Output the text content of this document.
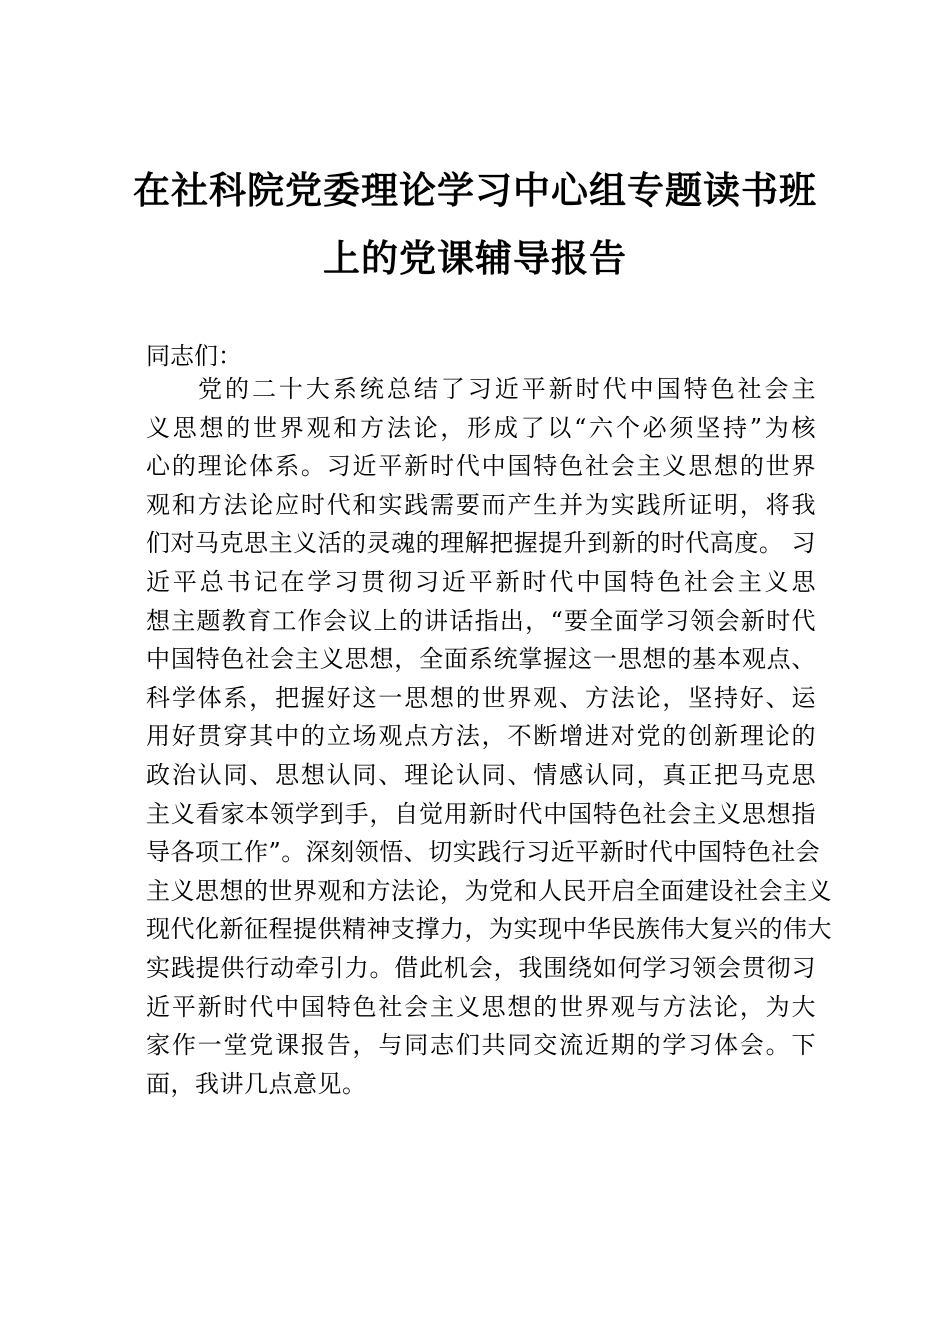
在社科院党委理论学习中心组专题读书班
上的党课辅导报告

同志们：

党的二十大系统总结了习近平新时代中国特色社会主
义思想的世界观和方法论，形成了以“六个必须坚持”为核
心的理论体系。习近平新时代中国特色社会主义思想的世界
观和方法论应时代和实践需要而产生并为实践所证明，将我
们对马克思主义活的灵魂的理解把握提升到新的时代高度。 习
近平总书记在学习贯彻习近平新时代中国特色社会主义思
想主题教育工作会议上的讲话指出，“要全面学习领会新时代
中国特色社会主义思想，全面系统掌握这一思想的基本观点、
科学体系，把握好这一思想的世界观、方法论，坚持好、运
用好贯穿其中的立场观点方法，不断增进对党的创新理论的
政治认同、思想认同、理论认同、情感认同，真正把马克思
主义看家本领学到手，自觉用新时代中国特色社会主义思想指
导各项工作”。深刻领悟、切实践行习近平新时代中国特色社会
主义思想的世界观和方法论，为党和人民开启全面建设社会主义
现代化新征程提供精神支撑力，为实现中华民族伟大复兴的伟大
实践提供行动牵引力。借此机会，我围绕如何学习领会贯彻习
近平新时代中国特色社会主义思想的世界观与方法论，为大
家作一堂党课报告，与同志们共同交流近期的学习体会。下
面，我讲几点意见。
